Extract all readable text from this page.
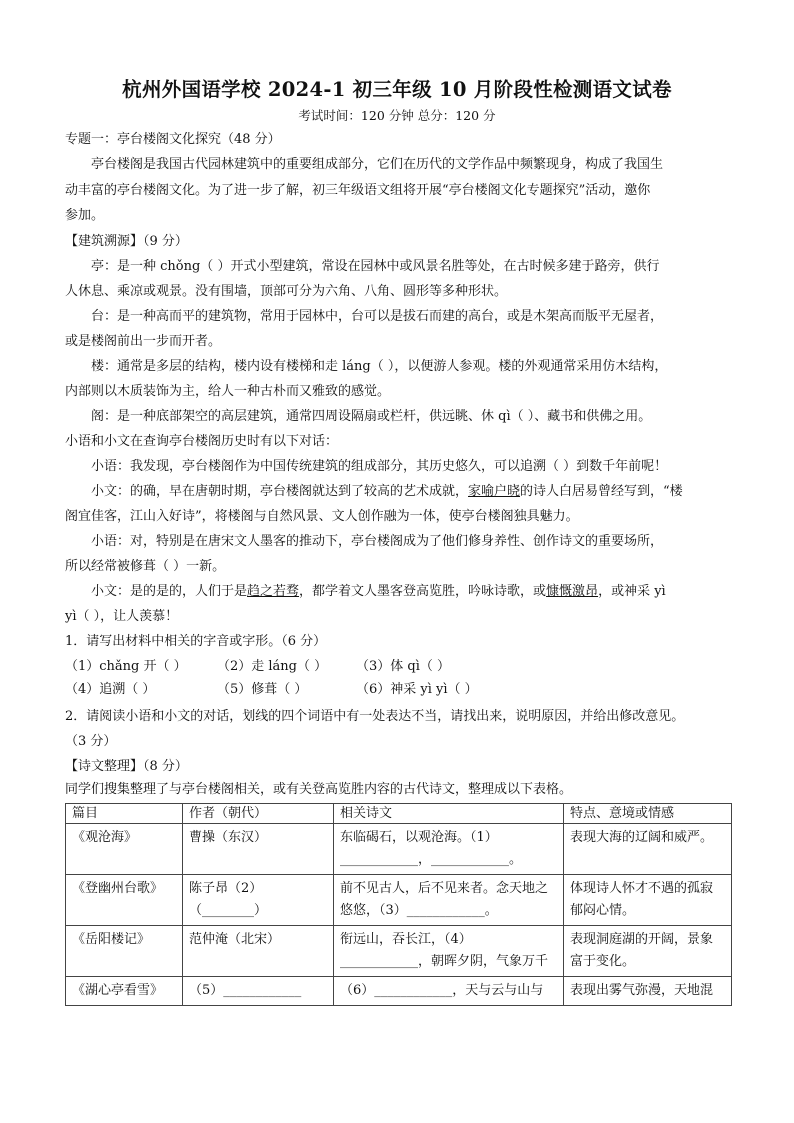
杭州外国语学校 2024-1 初三年级 10 月阶段性检测语文试卷
考试时间：120 分钟 总分：120 分
专题一：亭台楼阁文化探究（48 分）
亭台楼阁是我国古代园林建筑中的重要组成部分，它们在历代的文学作品中频繁现身，构成了我国生
动丰富的亭台楼阁文化。为了进一步了解，初三年级语文组将开展“亭台楼阁文化专题探究”活动，邀你
参加。
【建筑溯源】（9 分）
亭：是一种 chǒng（ ）开式小型建筑，常设在园林中或风景名胜等处，在古时候多建于路旁，供行
人休息、乘凉或观景。没有围墙，顶部可分为六角、八角、圆形等多种形状。
台：是一种高而平的建筑物，常用于园林中，台可以是拔石而建的高台，或是木架高而版平无屋者，
或是楼阁前出一步而开者。
楼：通常是多层的结构，楼内设有楼梯和走 láng（ ），以便游人参观。楼的外观通常采用仿木结构，
内部则以木质装饰为主，给人一种古朴而又雅致的感觉。
阁：是一种底部架空的高层建筑，通常四周设隔扇或栏杆，供远眺、休 qì（ ）、藏书和供佛之用。
小语和小文在查询亭台楼阁历史时有以下对话：
小语：我发现，亭台楼阁作为中国传统建筑的组成部分，其历史悠久，可以追溯（ ）到数千年前呢！
小文：的确，早在唐朝时期，亭台楼阁就达到了较高的艺术成就，家喻户晓的诗人白居易曾经写到，“楼
阁宜佳客，江山入好诗”，将楼阁与自然风景、文人创作融为一体，使亭台楼阁独具魅力。
小语：对，特别是在唐宋文人墨客的推动下，亭台楼阁成为了他们修身养性、创作诗文的重要场所，
所以经常被修葺（ ）一新。
小文：是的是的，人们于是趋之若骛，都学着文人墨客登高览胜，吟咏诗歌，或慷慨激昂，或神采 yì
yì（ ），让人羡慕！
1．请写出材料中相关的字音或字形。（6 分）
（1）chǎng 开（ ） （2）走 láng（ ） （3）体 qì（ ）
（4）追溯（ ）	（5）修葺（ ）	（6）神采 yì yì（ ）
2．请阅读小语和小文的对话，划线的四个词语中有一处表达不当，请找出来，说明原因，并给出修改意见。
（3 分）
【诗文整理】（8 分）
同学们搜集整理了与亭台楼阁相关，或有关登高览胜内容的古代诗文，整理成以下表格。
篇目	作者（朝代）	相关诗文	特点、意境或情感
《观沧海》	曹操（东汉）	东临碣石，以观沧海。（1）____________，____________。	表现大海的辽阔和威严。
《登幽州台歌》	陈子昂（2）（________）	前不见古人，后不见来者。念天地之悠悠，（3）____________。	体现诗人怀才不遇的孤寂郁闷心情。
《岳阳楼记》	范仲淹（北宋）	衔远山，吞长江，（4）____________，朝晖夕阴，气象万千	表现洞庭湖的开阔，景象富于变化。
《湖心亭看雪》	（5）____________	（6）____________，天与云与山与	表现出雾气弥漫，天地混
